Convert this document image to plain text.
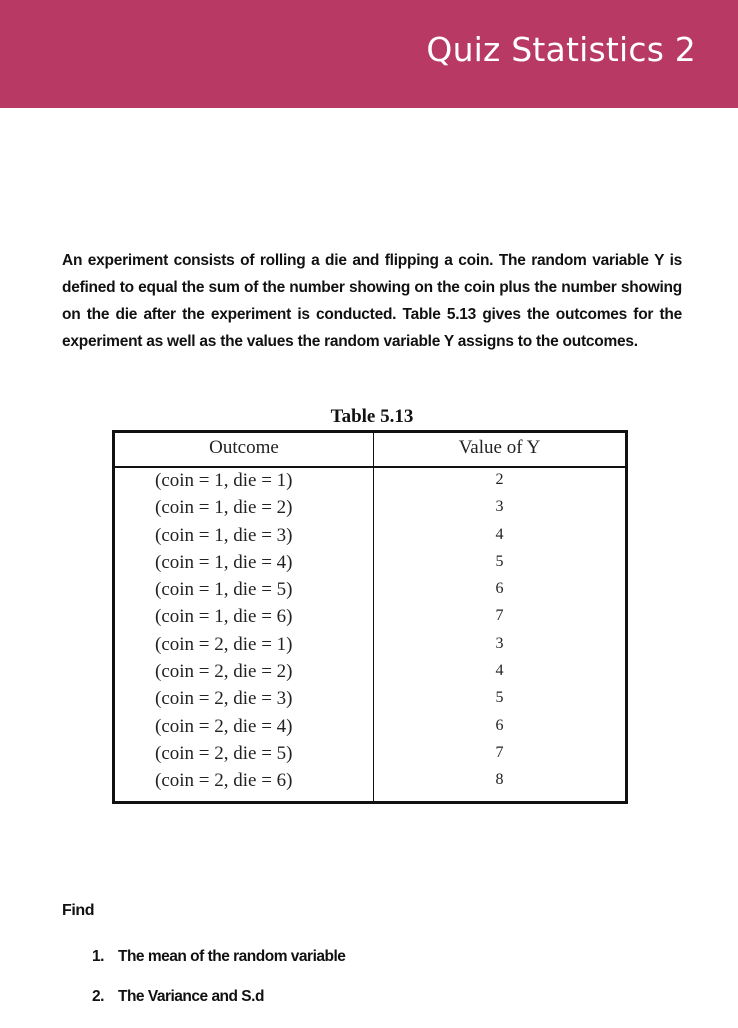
Quiz Statistics 2
An experiment consists of rolling a die and flipping a coin. The random variable Y is defined to equal the sum of the number showing on the coin plus the number showing on the die after the experiment is conducted. Table 5.13 gives the outcomes for the experiment as well as the values the random variable Y assigns to the outcomes.
Table 5.13
Outcome	Value of Y
(coin = 1, die = 1)	2
(coin = 1, die = 2)	3
(coin = 1, die = 3)	4
(coin = 1, die = 4)	5
(coin = 1, die = 5)	6
(coin = 1, die = 6)	7
(coin = 2, die = 1)	3
(coin = 2, die = 2)	4
(coin = 2, die = 3)	5
(coin = 2, die = 4)	6
(coin = 2, die = 5)	7
(coin = 2, die = 6)	8
Find
1. The mean of the random variable
2. The Variance and S.d
